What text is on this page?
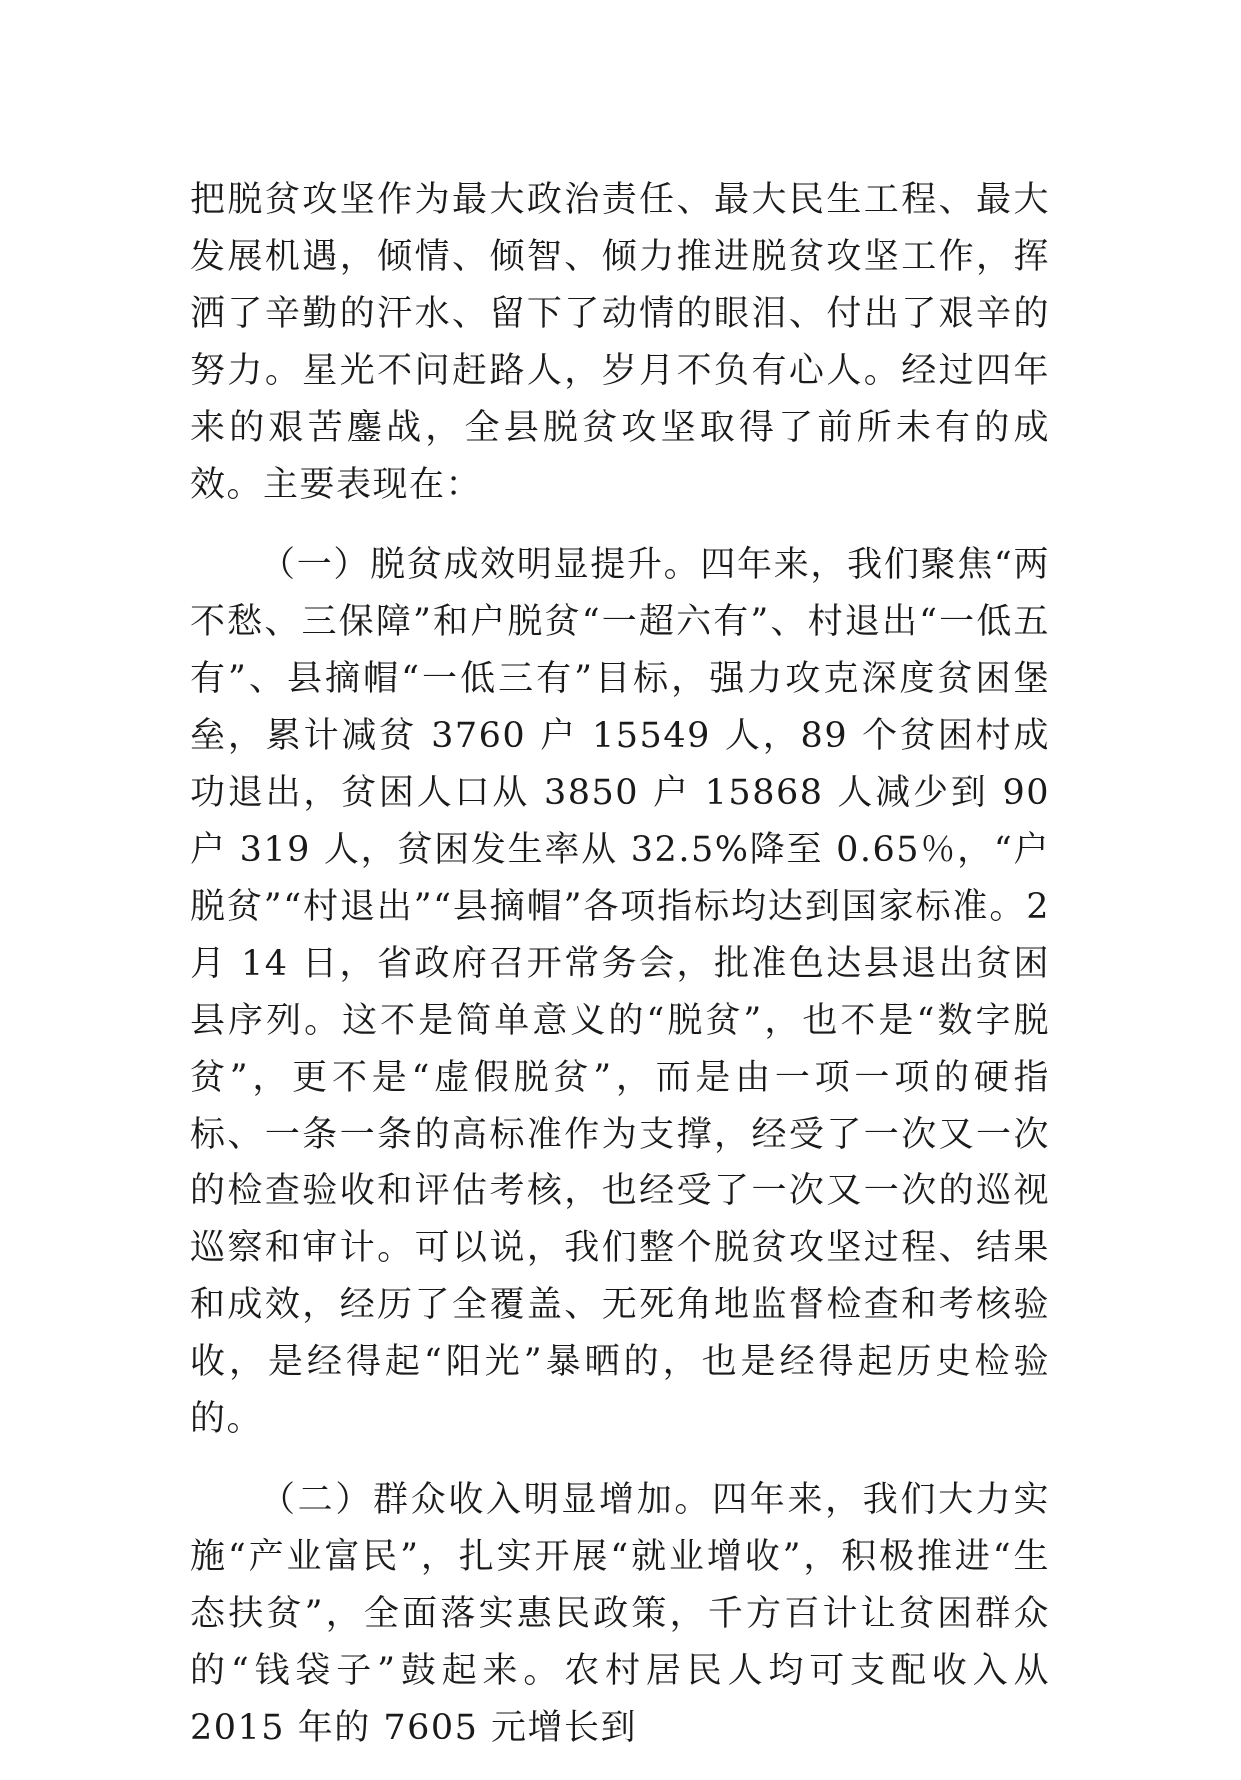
把脱贫攻坚作为最大政治责任、最大民生工程、最大发展机遇，倾情、倾智、倾力推进脱贫攻坚工作，挥洒了辛勤的汗水、留下了动情的眼泪、付出了艰辛的努力。星光不问赶路人，岁月不负有心人。经过四年来的艰苦鏖战，全县脱贫攻坚取得了前所未有的成效。主要表现在：

（一）脱贫成效明显提升。四年来，我们聚焦“两不愁、三保障”和户脱贫“一超六有”、村退出“一低五有”、县摘帽“一低三有”目标，强力攻克深度贫困堡垒，累计减贫 3760 户 15549 人，89 个贫困村成功退出，贫困人口从 3850 户 15868 人减少到 90 户 319 人，贫困发生率从 32.5%降至 0.65％，“户脱贫”“村退出”“县摘帽”各项指标均达到国家标准。2 月 14 日，省政府召开常务会，批准色达县退出贫困县序列。这不是简单意义的“脱贫”，也不是“数字脱贫”，更不是“虚假脱贫”，而是由一项一项的硬指标、一条一条的高标准作为支撑，经受了一次又一次的检查验收和评估考核，也经受了一次又一次的巡视巡察和审计。可以说，我们整个脱贫攻坚过程、结果和成效，经历了全覆盖、无死角地监督检查和考核验收，是经得起“阳光”暴晒的，也是经得起历史检验的。

（二）群众收入明显增加。四年来，我们大力实施“产业富民”，扎实开展“就业增收”，积极推进“生态扶贫”，全面落实惠民政策，千方百计让贫困群众的“钱袋子”鼓起来。农村居民人均可支配收入从 2015 年的 7605 元增长到
